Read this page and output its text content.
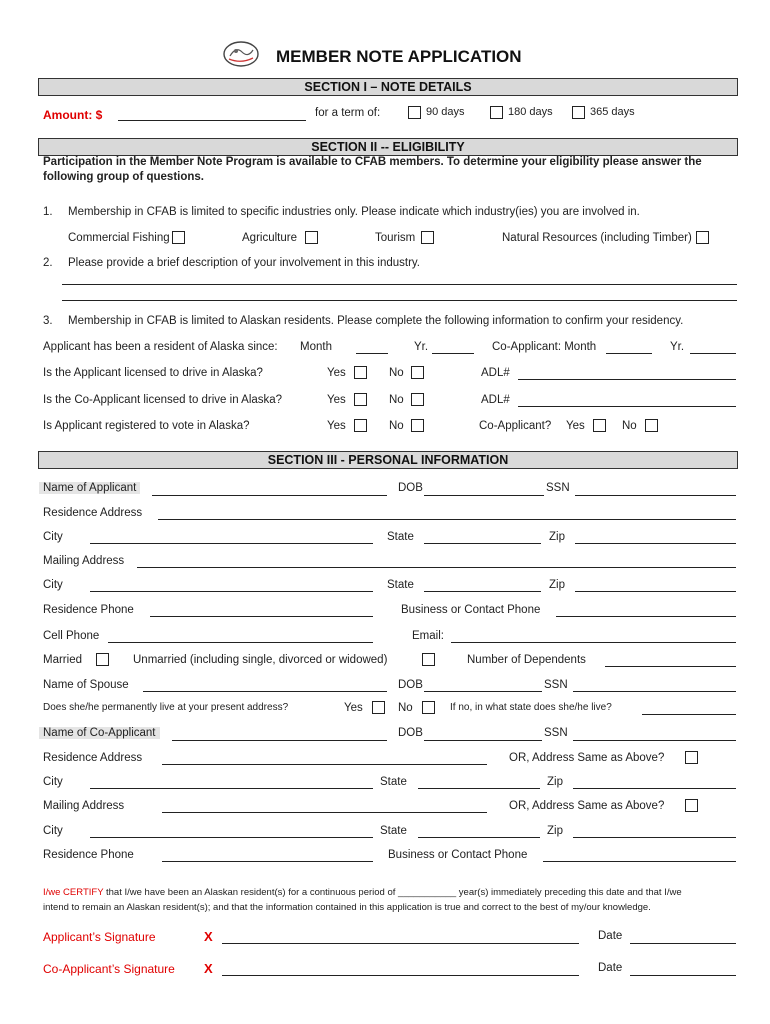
MEMBER NOTE APPLICATION
SECTION I – NOTE DETAILS
Amount: $	for a term of:	90 days	180 days	365 days
SECTION II -- ELIGIBILITY
Participation in the Member Note Program is available to CFAB members. To determine your eligibility please answer the following group of questions.
1. Membership in CFAB is limited to specific industries only. Please indicate which industry(ies) you are involved in.
Commercial Fishing	Agriculture	Tourism	Natural Resources (including Timber)
2. Please provide a brief description of your involvement in this industry.
3. Membership in CFAB is limited to Alaskan residents. Please complete the following information to confirm your residency.
Applicant has been a resident of Alaska since: Month	Yr.	Co-Applicant: Month	Yr.
Is the Applicant licensed to drive in Alaska?	Yes	No	ADL#
Is the Co-Applicant licensed to drive in Alaska?	Yes	No	ADL#
Is Applicant registered to vote in Alaska?	Yes	No	Co-Applicant? Yes	No
SECTION III - PERSONAL INFORMATION
Name of Applicant	DOB	SSN
Residence Address
City	State	Zip
Mailing Address
City	State	Zip
Residence Phone	Business or Contact Phone
Cell Phone	Email:
Married	Unmarried (including single, divorced or widowed)	Number of Dependents
Name of Spouse	DOB	SSN
Does she/he permanently live at your present address?	Yes	No	If no, in what state does she/he live?
Name of Co-Applicant	DOB	SSN
Residence Address	OR, Address Same as Above?
City	State	Zip
Mailing Address	OR, Address Same as Above?
City	State	Zip
Residence Phone	Business or Contact Phone
I/we CERTIFY that I/we have been an Alaskan resident(s) for a continuous period of ___________ year(s) immediately preceding this date and that I/we
intend to remain an Alaskan resident(s); and that the information contained in this application is true and correct to the best of my/our knowledge.
Applicant’s Signature	X	Date
Co-Applicant’s Signature X	Date
